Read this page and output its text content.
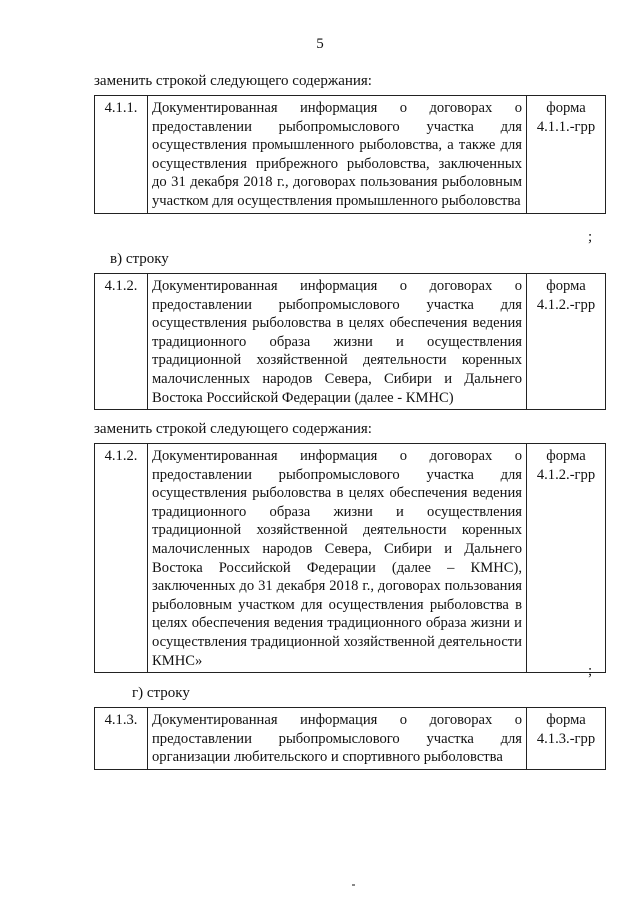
5
заменить строкой следующего содержания:
4.1.1.	Документированная информация о договорах о предоставлении рыбопромыслового участка для осуществления промышленного рыболовства, а также для осуществления прибрежного рыболовства, заключенных до 31 декабря 2018 г., договорах пользования рыболовным участком для осуществления промышленного рыболовства	форма 4.1.1.-грр
;
в) строку
4.1.2.	Документированная информация о договорах о предоставлении рыбопромыслового участка для осуществления рыболовства в целях обеспечения ведения традиционного образа жизни и осуществления традиционной хозяйственной деятельности коренных малочисленных народов Севера, Сибири и Дальнего Востока Российской Федерации (далее - КМНС)	форма 4.1.2.-грр
заменить строкой следующего содержания:
4.1.2.	Документированная информация о договорах о предоставлении рыбопромыслового участка для осуществления рыболовства в целях обеспечения ведения традиционного образа жизни и осуществления традиционной хозяйственной деятельности коренных малочисленных народов Севера, Сибири и Дальнего Востока Российской Федерации (далее – КМНС), заключенных до 31 декабря 2018 г., договорах пользования рыболовным участком для осуществления рыболовства в целях обеспечения ведения традиционного образа жизни и осуществления традиционной хозяйственной деятельности КМНС»	форма 4.1.2.-грр
;
г) строку
4.1.3.	Документированная информация о договорах о предоставлении рыбопромыслового участка для организации любительского и спортивного рыболовства	форма 4.1.3.-грр
